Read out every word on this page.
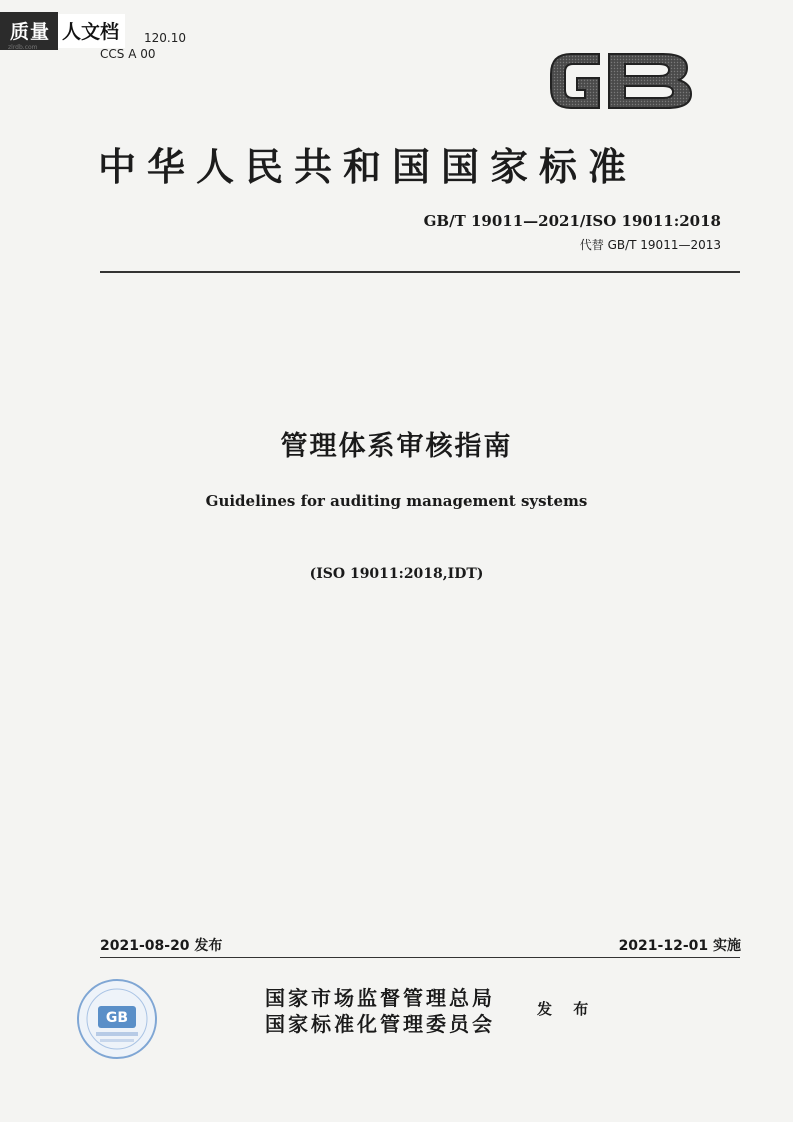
质量 人文档
zlrdb.com
120.10
CCS A 00
中华人民共和国国家标准
GB/T 19011—2021/ISO 19011:2018
代替 GB/T 19011—2013
管理体系审核指南
Guidelines for auditing management systems
(ISO 19011:2018,IDT)
2021-08-20 发布	2021-12-01 实施
GB
国家市场监督管理总局
国家标准化管理委员会
发 布
